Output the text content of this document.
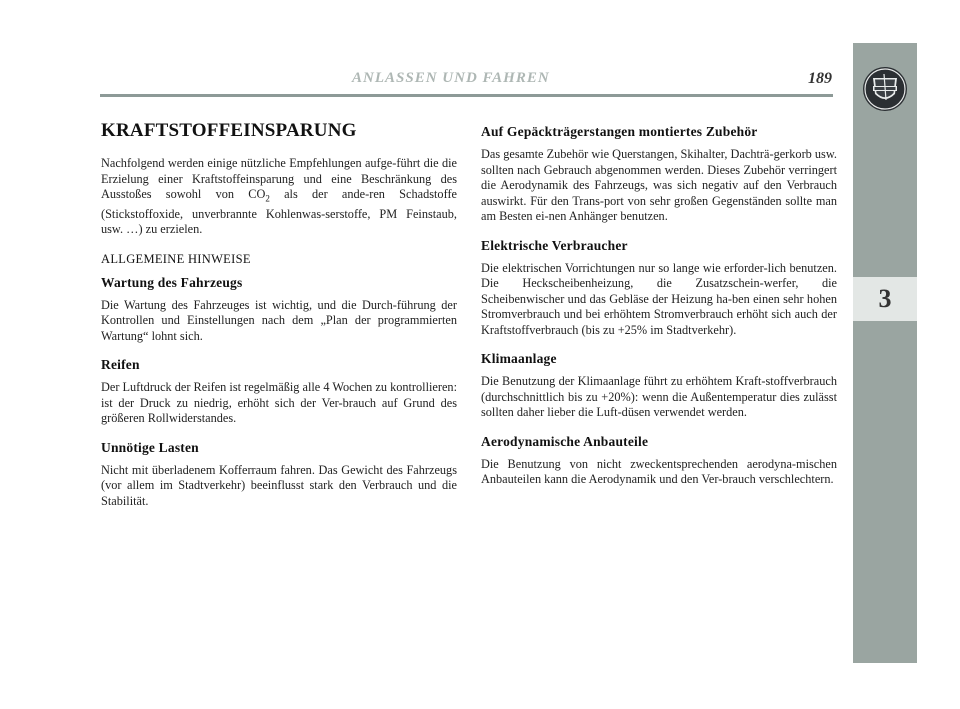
ANLASSEN UND FAHREN	189
3
KRAFTSTOFFEINSPARUNG

Nachfolgend werden einige nützliche Empfehlungen aufge-führt die die Erzielung einer Kraftstoffeinsparung und eine Beschränkung des Ausstoßes sowohl von $CO_2$ als der ande-ren Schadstoffe (Stickstoffoxide, unverbrannte Kohlenwas-serstoffe, PM Feinstaub, usw. …) zu erzielen.

ALLGEMEINE HINWEISE
Wartung des Fahrzeugs

Die Wartung des Fahrzeuges ist wichtig, und die Durch-führung der Kontrollen und Einstellungen nach dem „Plan der programmierten Wartung“ lohnt sich.

Reifen

Der Luftdruck der Reifen ist regelmäßig alle 4 Wochen zu kontrollieren: ist der Druck zu niedrig, erhöht sich der Ver-brauch auf Grund des größeren Rollwiderstandes.

Unnötige Lasten

Nicht mit überladenem Kofferraum fahren. Das Gewicht des Fahrzeugs (vor allem im Stadtverkehr) beeinflusst stark den Verbrauch und die Stabilität.

Auf Gepäckträgerstangen montiertes Zubehör

Das gesamte Zubehör wie Querstangen, Skihalter, Dachträ-gerkorb usw. sollten nach Gebrauch abgenommen werden. Dieses Zubehör verringert die Aerodynamik des Fahrzeugs, was sich negativ auf den Verbrauch auswirkt. Für den Trans-port von sehr großen Gegenständen sollte man am Besten ei-nen Anhänger benutzen.

Elektrische Verbraucher

Die elektrischen Vorrichtungen nur so lange wie erforder-lich benutzen. Die Heckscheibenheizung, die Zusatzschein-werfer, die Scheibenwischer und das Gebläse der Heizung ha-ben einen sehr hohen Stromverbrauch und bei erhöhtem Stromverbrauch erhöht sich auch der Kraftstoffverbrauch (bis zu +25% im Stadtverkehr).

Klimaanlage

Die Benutzung der Klimaanlage führt zu erhöhtem Kraft-stoffverbrauch (durchschnittlich bis zu +20%): wenn die Außentemperatur dies zulässt sollten daher lieber die Luft-düsen verwendet werden.

Aerodynamische Anbauteile

Die Benutzung von nicht zweckentsprechenden aerodyna-mischen Anbauteilen kann die Aerodynamik und den Ver-brauch verschlechtern.
